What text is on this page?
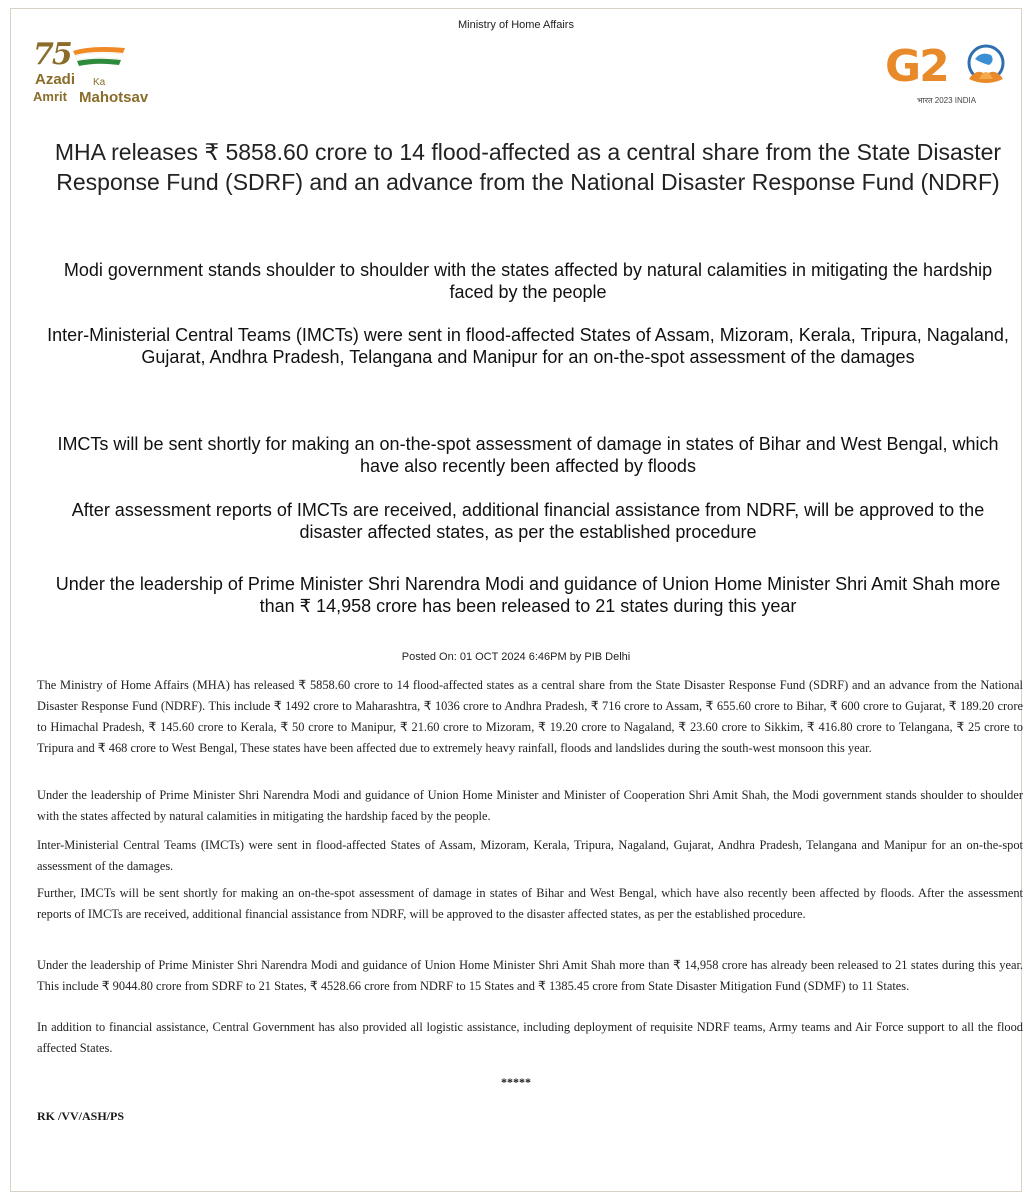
Ministry of Home Affairs
75
Azadi Ka
Amrit Mahotsav
G2
भारत 2023 INDIA
MHA releases ₹ 5858.60 crore to 14 flood-affected as a central share from the State Disaster Response Fund (SDRF) and an advance from the National Disaster Response Fund (NDRF)
Modi government stands shoulder to shoulder with the states affected by natural calamities in mitigating the hardship faced by the people
Inter-Ministerial Central Teams (IMCTs) were sent in flood-affected States of Assam, Mizoram, Kerala, Tripura, Nagaland, Gujarat, Andhra Pradesh, Telangana and Manipur for an on-the-spot assessment of the damages
IMCTs will be sent shortly for making an on-the-spot assessment of damage in states of Bihar and West Bengal, which have also recently been affected by floods
After assessment reports of IMCTs are received, additional financial assistance from NDRF, will be approved to the disaster affected states, as per the established procedure
Under the leadership of Prime Minister Shri Narendra Modi and guidance of Union Home Minister Shri Amit Shah more than ₹ 14,958 crore has been released to 21 states during this year
Posted On: 01 OCT 2024 6:46PM by PIB Delhi
The Ministry of Home Affairs (MHA) has released ₹ 5858.60 crore to 14 flood-affected states as a central share from the State Disaster Response Fund (SDRF) and an advance from the National Disaster Response Fund (NDRF). This include ₹ 1492 crore to Maharashtra, ₹ 1036 crore to Andhra Pradesh, ₹ 716 crore to Assam, ₹ 655.60 crore to Bihar, ₹ 600 crore to Gujarat, ₹ 189.20 crore to Himachal Pradesh, ₹ 145.60 crore to Kerala, ₹ 50 crore to Manipur, ₹ 21.60 crore to Mizoram, ₹ 19.20 crore to Nagaland, ₹ 23.60 crore to Sikkim, ₹ 416.80 crore to Telangana, ₹ 25 crore to Tripura and ₹ 468 crore to West Bengal, These states have been affected due to extremely heavy rainfall, floods and landslides during the south-west monsoon this year.
Under the leadership of Prime Minister Shri Narendra Modi and guidance of Union Home Minister and Minister of Cooperation Shri Amit Shah, the Modi government stands shoulder to shoulder with the states affected by natural calamities in mitigating the hardship faced by the people.
Inter-Ministerial Central Teams (IMCTs) were sent in flood-affected States of Assam, Mizoram, Kerala, Tripura, Nagaland, Gujarat, Andhra Pradesh, Telangana and Manipur for an on-the-spot assessment of the damages.
Further, IMCTs will be sent shortly for making an on-the-spot assessment of damage in states of Bihar and West Bengal, which have also recently been affected by floods. After the assessment reports of IMCTs are received, additional financial assistance from NDRF, will be approved to the disaster affected states, as per the established procedure.
Under the leadership of Prime Minister Shri Narendra Modi and guidance of Union Home Minister Shri Amit Shah more than ₹ 14,958 crore has already been released to 21 states during this year. This include ₹ 9044.80 crore from SDRF to 21 States, ₹ 4528.66 crore from NDRF to 15 States and ₹ 1385.45 crore from State Disaster Mitigation Fund (SDMF) to 11 States.
In addition to financial assistance, Central Government has also provided all logistic assistance, including deployment of requisite NDRF teams, Army teams and Air Force support to all the flood affected States.
*****
RK /VV/ASH/PS
